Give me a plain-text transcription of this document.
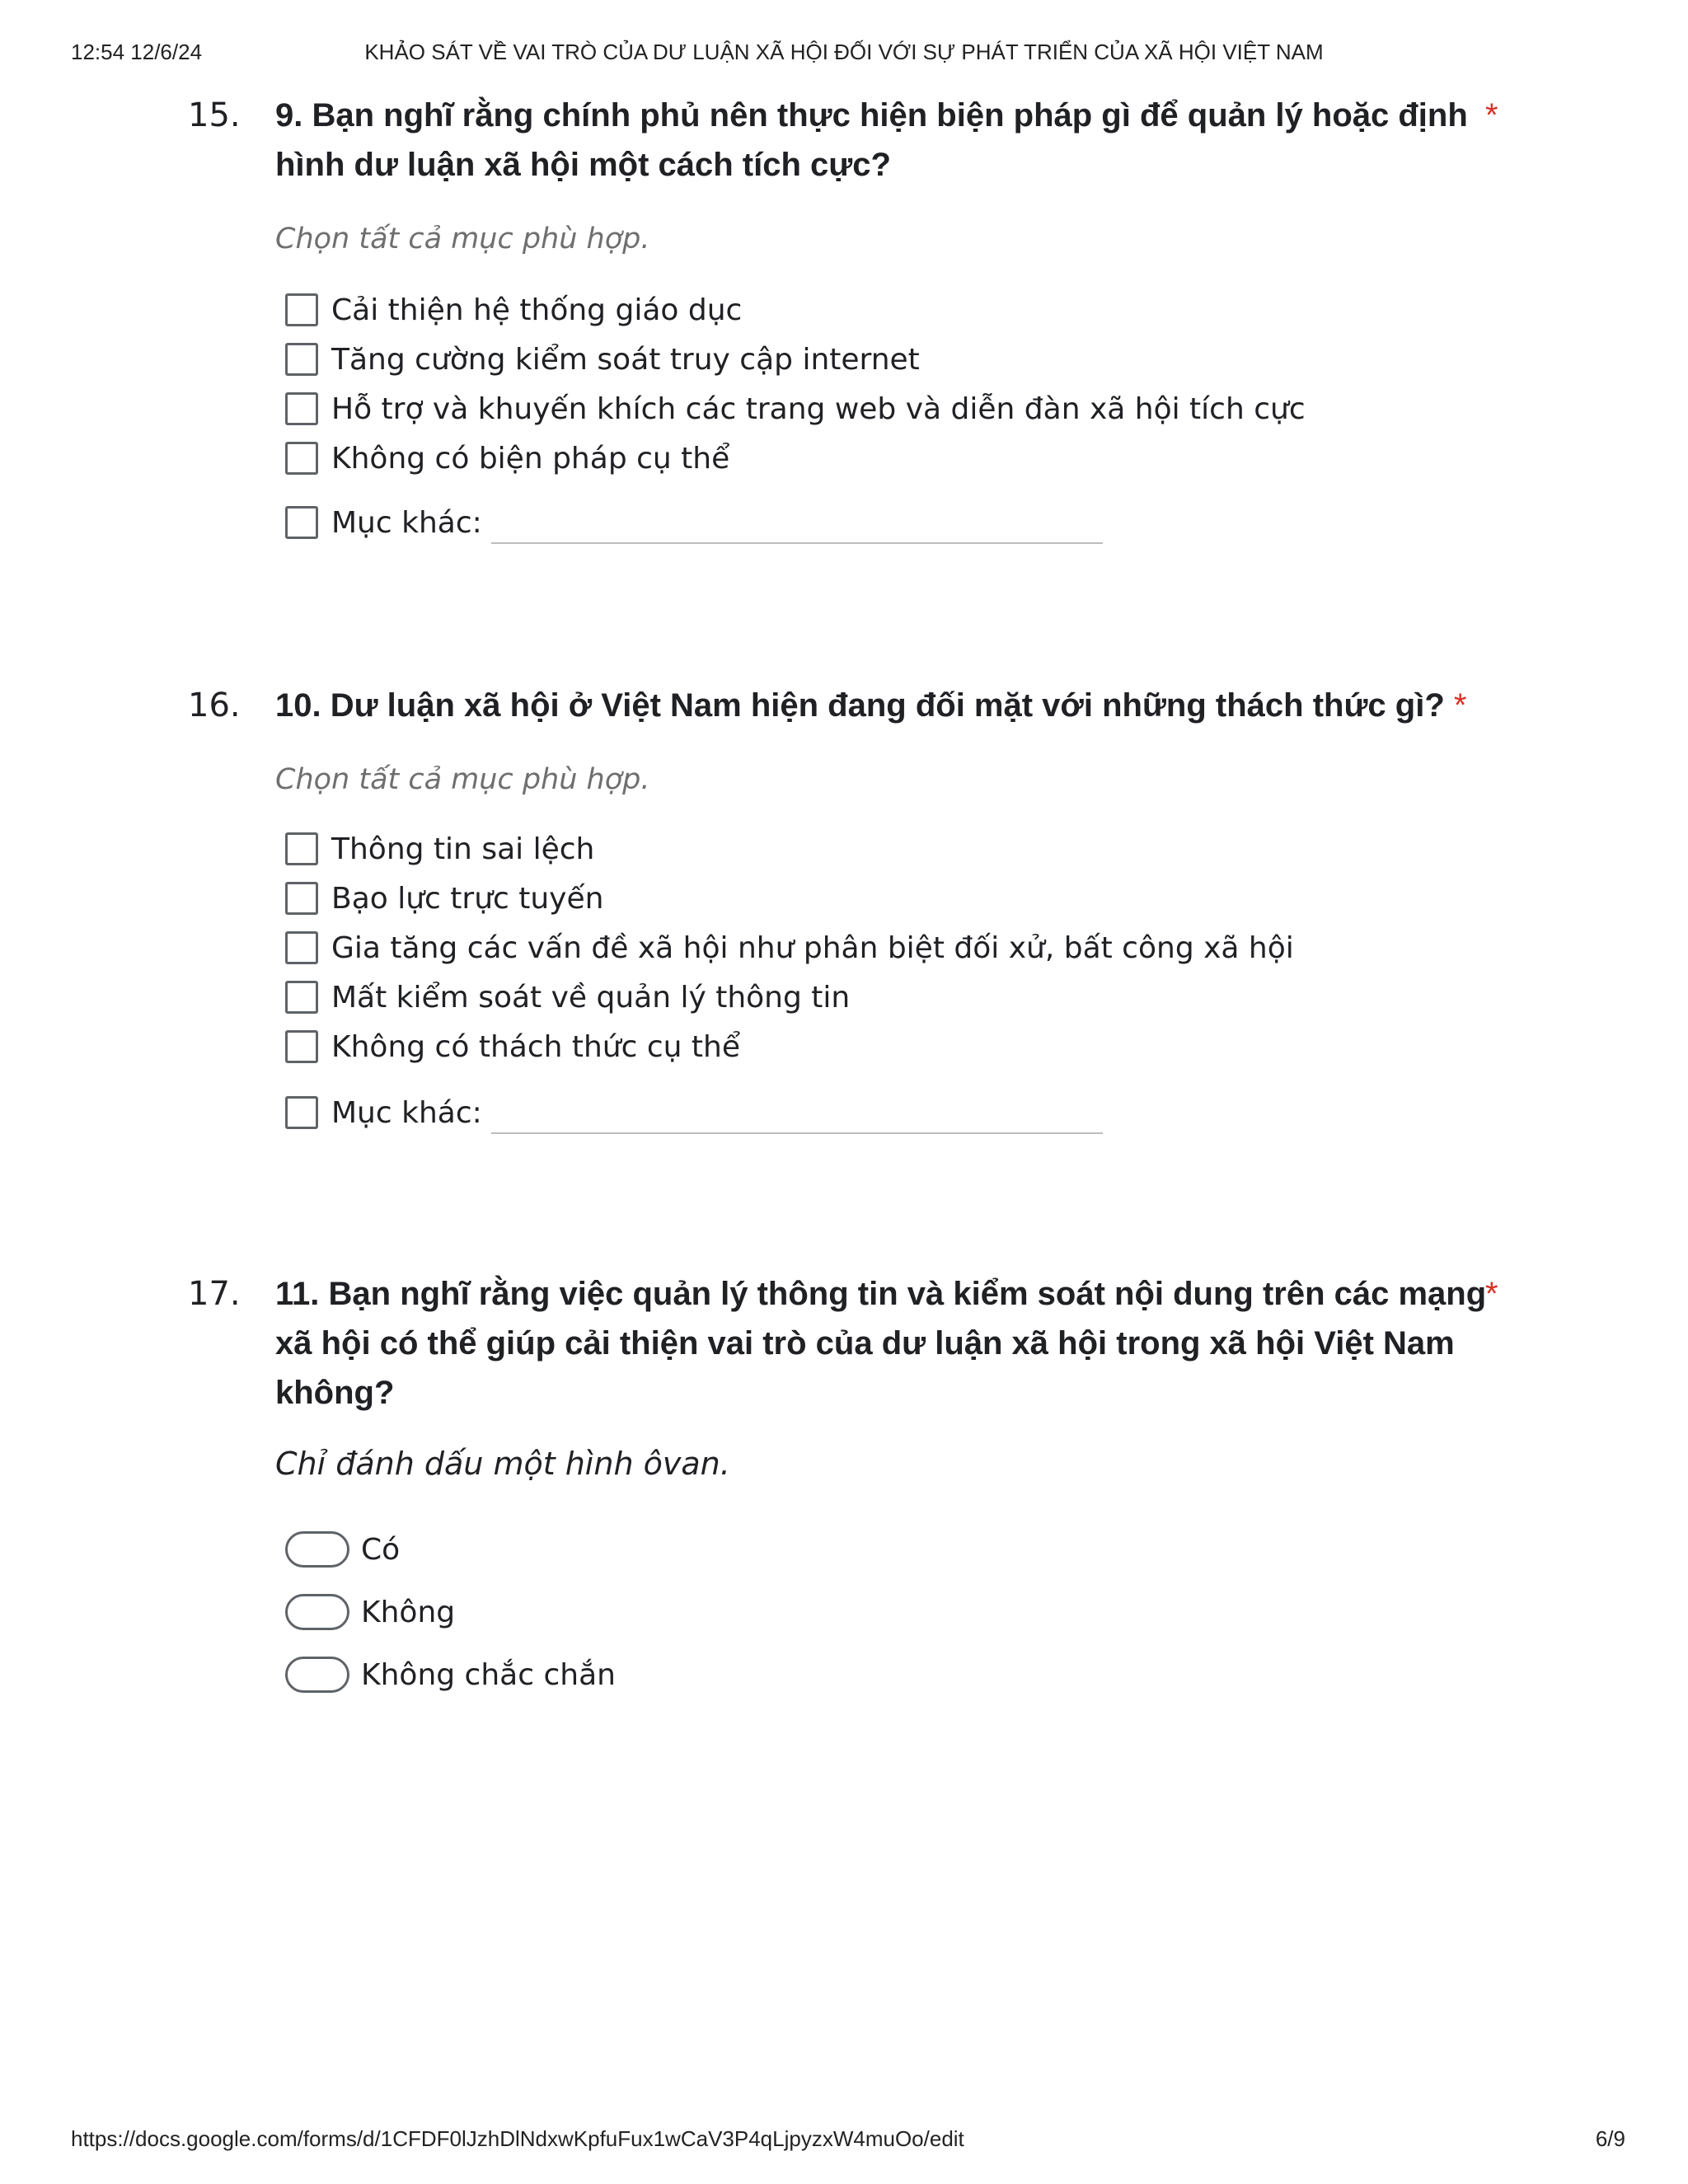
12:54 12/6/24	KHẢO SÁT VỀ VAI TRÒ CỦA DƯ LUẬN XÃ HỘI ĐỐI VỚI SỰ PHÁT TRIỂN CỦA XÃ HỘI VIỆT NAM
15. 9. Bạn nghĩ rằng chính phủ nên thực hiện biện pháp gì để quản lý hoặc định hình dư luận xã hội một cách tích cực?
*
Chọn tất cả mục phù hợp.
Cải thiện hệ thống giáo dục
Tăng cường kiểm soát truy cập internet
Hỗ trợ và khuyến khích các trang web và diễn đàn xã hội tích cực
Không có biện pháp cụ thể
Mục khác:
16. 10. Dư luận xã hội ở Việt Nam hiện đang đối mặt với những thách thức gì? *
Chọn tất cả mục phù hợp.
Thông tin sai lệch
Bạo lực trực tuyến
Gia tăng các vấn đề xã hội như phân biệt đối xử, bất công xã hội
Mất kiểm soát về quản lý thông tin
Không có thách thức cụ thể
Mục khác:
17. 11. Bạn nghĩ rằng việc quản lý thông tin và kiểm soát nội dung trên các mạng xã hội có thể giúp cải thiện vai trò của dư luận xã hội trong xã hội Việt Nam không?
*
Chỉ đánh dấu một hình ôvan.
Có
Không
Không chắc chắn
https://docs.google.com/forms/d/1CFDF0lJzhDlNdxwKpfuFux1wCaV3P4qLjpyzxW4muOo/edit	6/9
